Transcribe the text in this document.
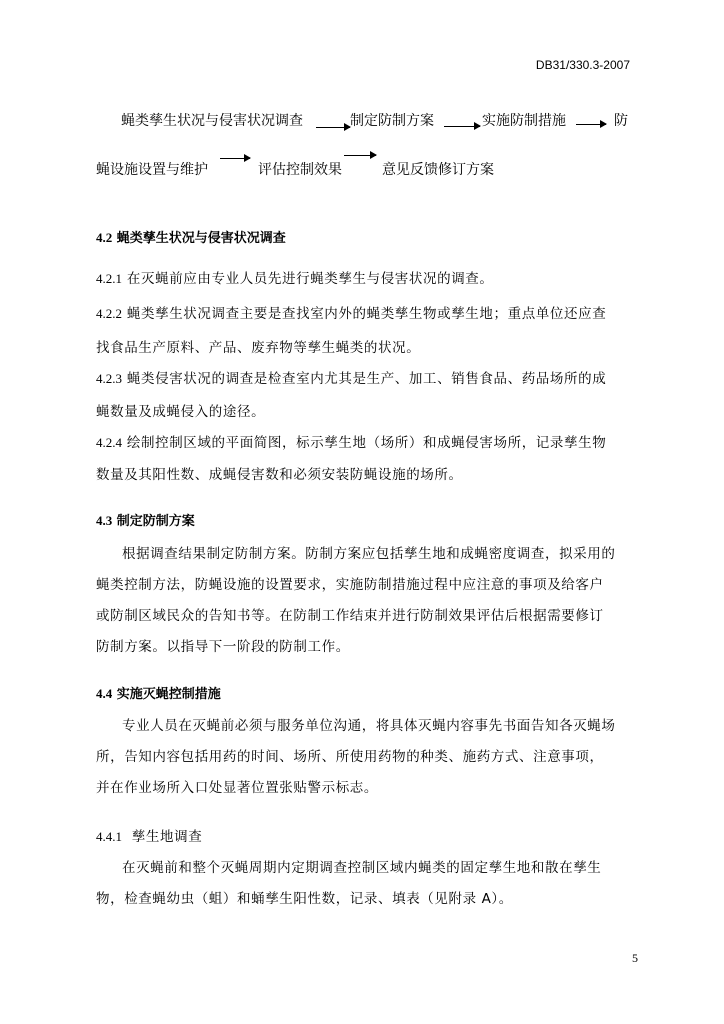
DB31/330.3-2007
蝇类孳生状况与侵害状况调查	制定防制方案	实施防制措施	防
蝇设施设置与维护	评估控制效果	意见反馈修订方案
4.2 蝇类孳生状况与侵害状况调查
4.2.1 在灭蝇前应由专业人员先进行蝇类孳生与侵害状况的调查。
4.2.2 蝇类孳生状况调查主要是查找室内外的蝇类孳生物或孳生地；重点单位还应查
找食品生产原料、产品、废弃物等孳生蝇类的状况。
4.2.3 蝇类侵害状况的调查是检查室内尤其是生产、加工、销售食品、药品场所的成
蝇数量及成蝇侵入的途径。
4.2.4 绘制控制区域的平面简图，标示孳生地（场所）和成蝇侵害场所，记录孳生物
数量及其阳性数、成蝇侵害数和必须安装防蝇设施的场所。
4.3 制定防制方案
根据调查结果制定防制方案。防制方案应包括孳生地和成蝇密度调查，拟采用的
蝇类控制方法，防蝇设施的设置要求，实施防制措施过程中应注意的事项及给客户
或防制区域民众的告知书等。在防制工作结束并进行防制效果评估后根据需要修订
防制方案。以指导下一阶段的防制工作。
4.4 实施灭蝇控制措施
专业人员在灭蝇前必须与服务单位沟通，将具体灭蝇内容事先书面告知各灭蝇场
所，告知内容包括用药的时间、场所、所使用药物的种类、施药方式、注意事项，
并在作业场所入口处显著位置张贴警示标志。
4.4.1 孳生地调查
在灭蝇前和整个灭蝇周期内定期调查控制区域内蝇类的固定孳生地和散在孳生
物，检查蝇幼虫（蛆）和蛹孳生阳性数，记录、填表（见附录 A）。
5
